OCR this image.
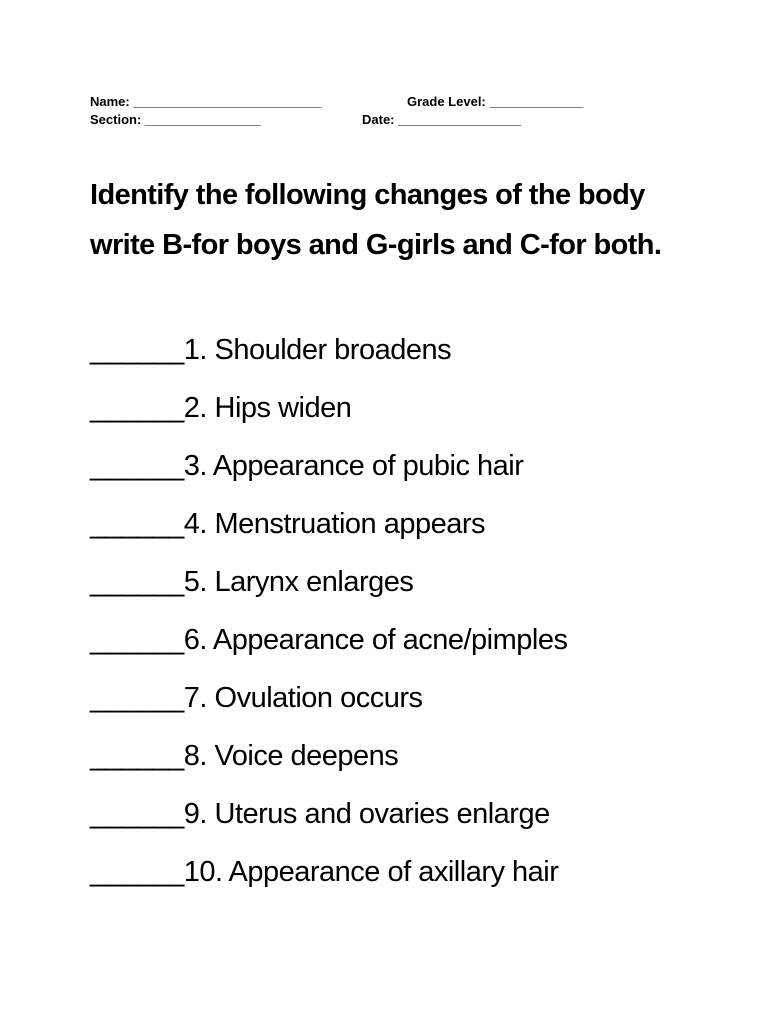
Name: __________________________	Grade Level: _____________
Section: ________________	Date: _________________
Identify the following changes of the body write B-for boys and G-girls and C-for both.
______1. Shoulder broadens
______2. Hips widen
______3. Appearance of pubic hair
______4. Menstruation appears
______5. Larynx enlarges
______6. Appearance of acne/pimples
______7. Ovulation occurs
______8. Voice deepens
______9. Uterus and ovaries enlarge
______10. Appearance of axillary hair
